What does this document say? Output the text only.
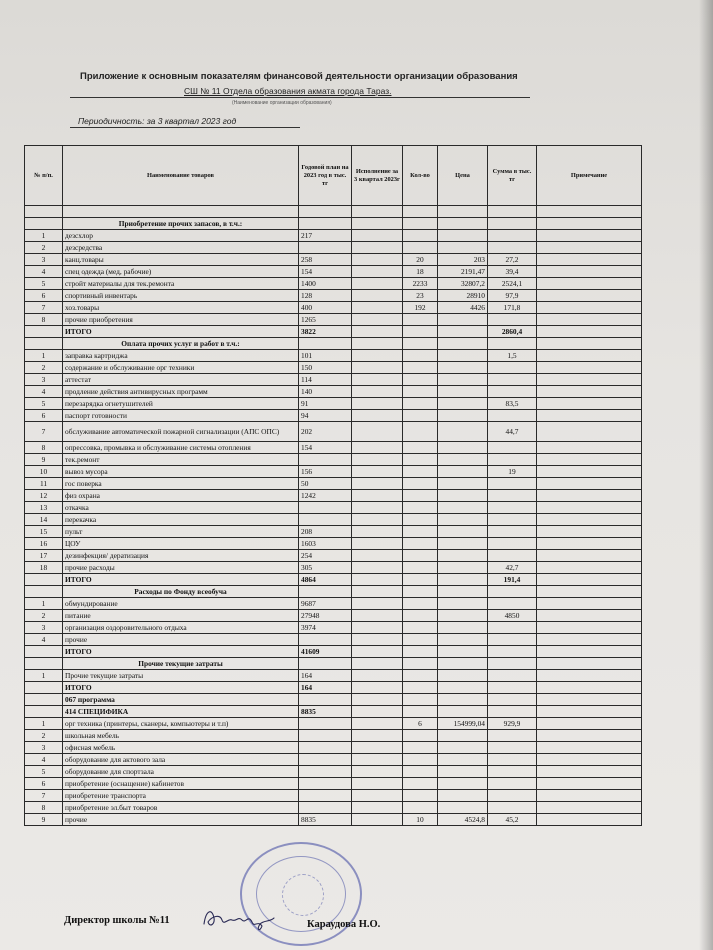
Приложение к основным показателям финансовой деятельности организации образования
СШ № 11 Отдела образования акмата города Тараз.
(Наименование организации образования)
Периодичность: за 3 квартал 2023 год
№ п/п.	Наименование товаров	Годовой план на 2023 год в тыс. тг	Исполнение за 3 квартал 2023г	Кол-во	Цена	Сумма в тыс. тг	Примечание

	Приобретение прочих запасов, в т.ч.:						
1	дезсхлор	217					
2	дезсредства						
3	канц.товары	258		20	203	27,2	
4	спец одежда (мед, рабочие)	154		18	2191,47	39,4	
5	стройт материалы для тек.ремонта	1400		2233	32807,2	2524,1	
6	спортивный инвентарь	128		23	28910	97,9	
7	хоз.товары	400		192	4426	171,8	
8	прочие приобретения	1265					
	ИТОГО	3822				2860,4	
	Оплата прочих услуг и работ в т.ч.:						
1	заправка картриджа	101				1,5	
2	содержание и обслуживание орг техники	150					
3	аттестат	114					
4	продление действия антивирусных программ	140					
5	перезарядка огнетушителей	91				83,5	
6	паспорт готовности	94					
7	обслуживание автоматической пожарной сигнализации (АПС ОПС)	202				44,7	
8	опрессовка, промывка и обслуживание системы отопления	154					
9	тек.ремонт						
10	вывоз мусора	156				19	
11	гос поверка	50					
12	физ охрана	1242					
13	откачка						
14	перекачка						
15	пульт	208					
16	ЦОУ	1603					
17	дезинфекция/ дератизация	254					
18	прочие расходы	305				42,7	
	ИТОГО	4864				191,4	
	Расходы по Фонду всеобуча						
1	обмундирование	9687					
2	питание	27948				4850	
3	организация оздоровительного отдыха	3974					
4	прочие						
	ИТОГО	41609					
	Прочие текущие затраты						
1	Прочие текущие затраты	164					
	ИТОГО	164					
	067 программа						
	414 СПЕЦИФИКА	8835					
1	орг техника (принтеры, сканеры, компьютеры и т.п)			6	154999,04	929,9	
2	школьная мебель						
3	офисная мебель						
4	оборудование для актового зала						
5	оборудование для спортзала						
6	приобретение (оснащение) кабинетов						
7	приобретение транспорта						
8	приобретение эл.быт товаров						
9	прочие	8835		10	4524,8	45,2	
Директор школы №11	Караудова Н.О.
